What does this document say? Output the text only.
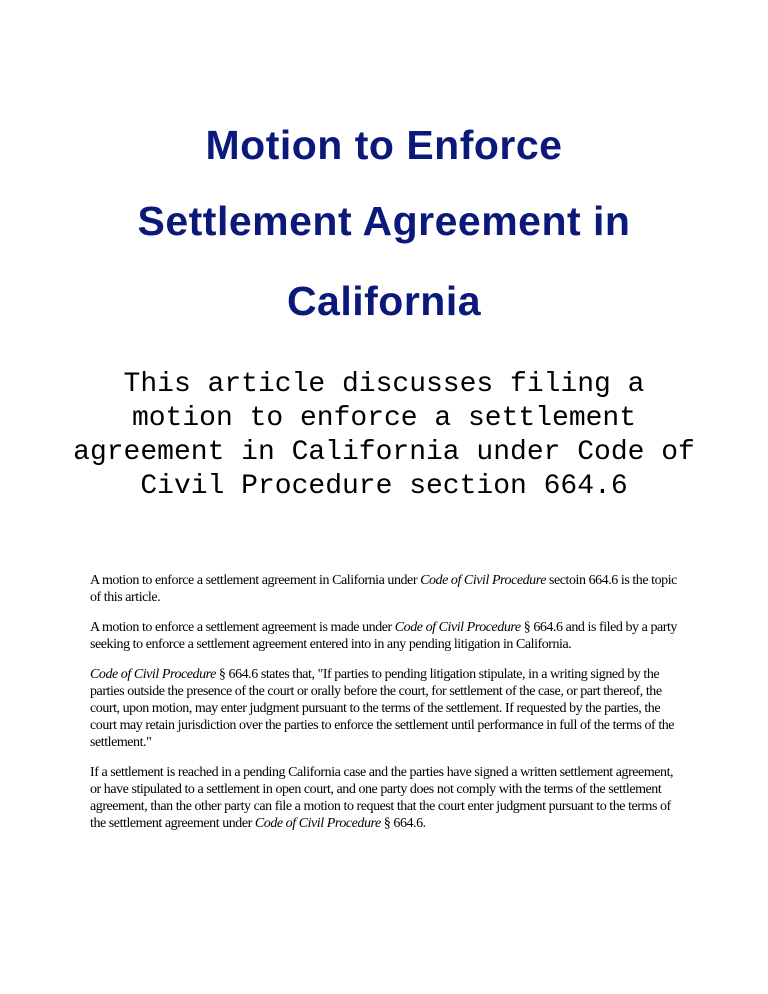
Motion to Enforce
Settlement Agreement in
California
This article discusses filing a motion to enforce a settlement agreement in California under Code of Civil Procedure section 664.6

A motion to enforce a settlement agreement in California under Code of Civil Procedure sectoin 664.6 is the topic of this article.

A motion to enforce a settlement agreement is made under Code of Civil Procedure § 664.6 and is filed by a party seeking to enforce a settlement agreement entered into in any pending litigation in California.

Code of Civil Procedure § 664.6 states that, "If parties to pending litigation stipulate, in a writing signed by the parties outside the presence of the court or orally before the court, for settlement of the case, or part thereof, the court, upon motion, may enter judgment pursuant to the terms of the settlement. If requested by the parties, the court may retain jurisdiction over the parties to enforce the settlement until performance in full of the terms of the settlement."

If a settlement is reached in a pending California case and the parties have signed a written settlement agreement, or have stipulated to a settlement in open court, and one party does not comply with the terms of the settlement agreement, than the other party can file a motion to request that the court enter judgment pursuant to the terms of the settlement agreement under Code of Civil Procedure § 664.6.
